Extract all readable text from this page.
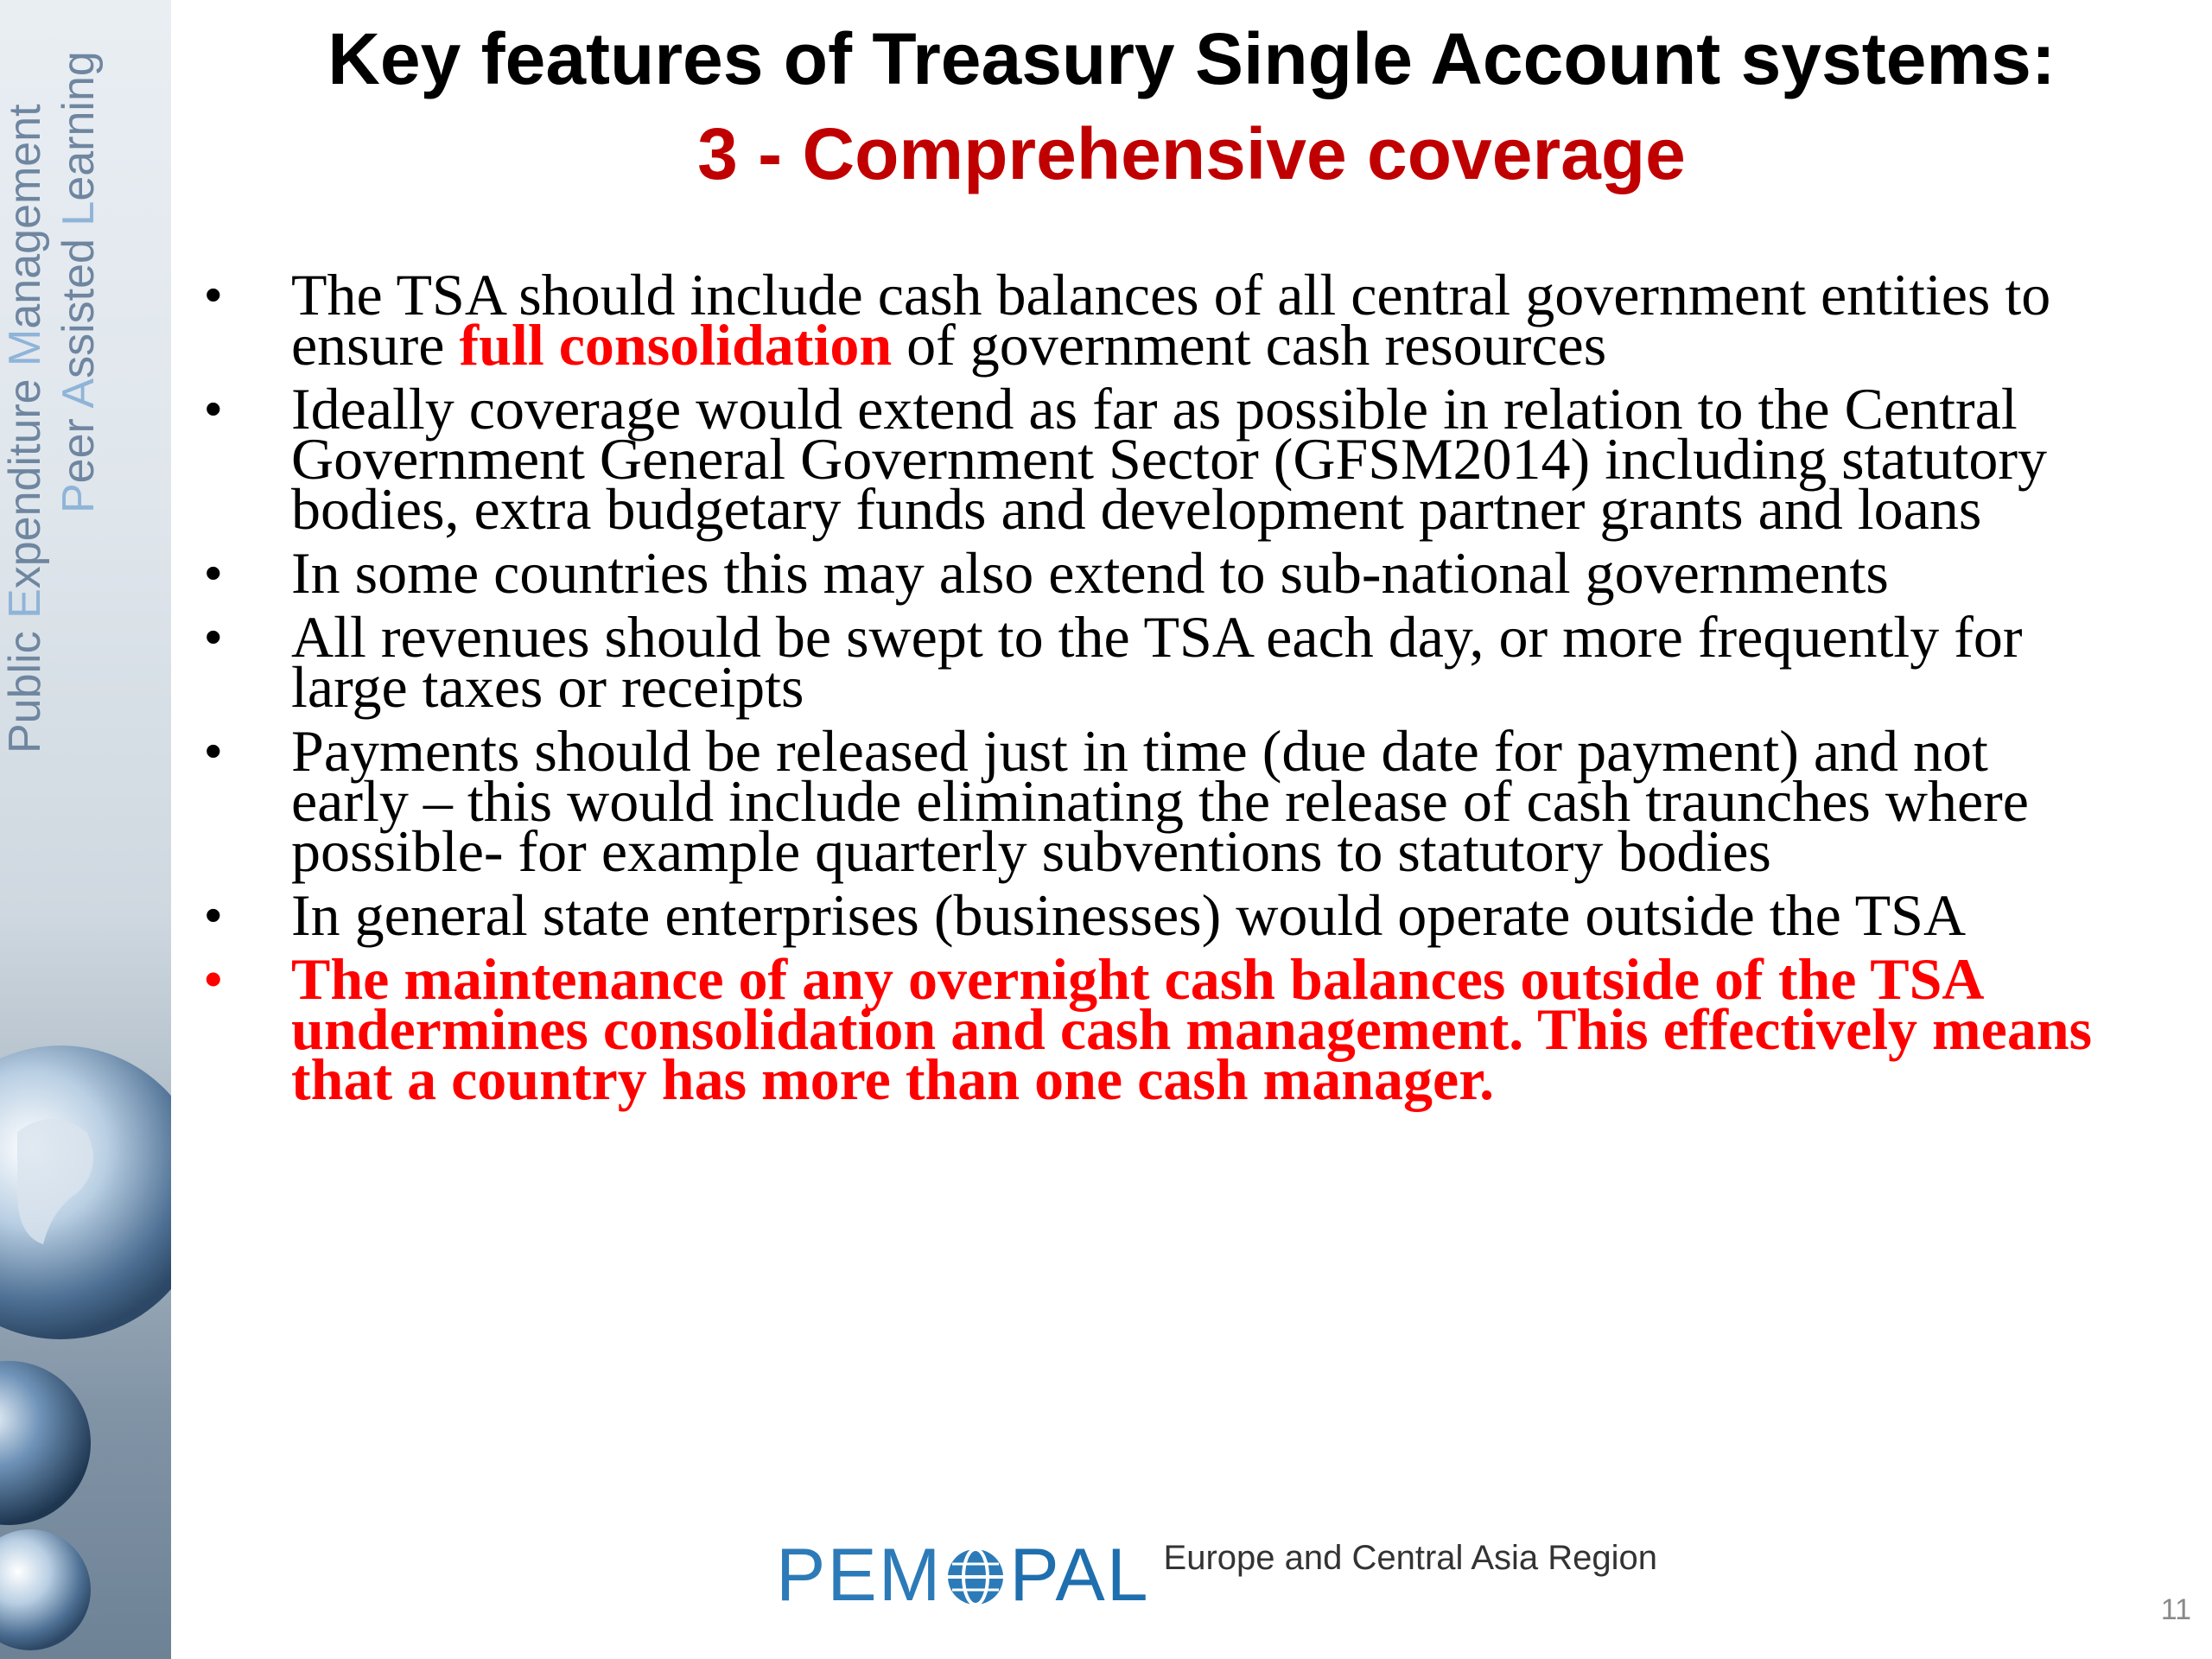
Public Expenditure Management
Peer Assisted Learning	Key features of Treasury Single Account systems:
3 - Comprehensive coverage
• The TSA should include cash balances of all central government entities to ensure full consolidation of government cash resources
• Ideally coverage would extend as far as possible in relation to the Central Government General Government Sector (GFSM2014) including statutory bodies, extra budgetary funds and development partner grants and loans
• In some countries this may also extend to sub-national governments
• All revenues should be swept to the TSA each day, or more frequently for large taxes or receipts
• Payments should be released just in time (due date for payment) and not early – this would include eliminating the release of cash traunches where possible- for example quarterly subventions to statutory bodies
• In general state enterprises (businesses) would operate outside the TSA
• The maintenance of any overnight cash balances outside of the TSA undermines consolidation and cash management. This effectively means that a country has more than one cash manager.
PEM PAL Europe and Central Asia Region
11
